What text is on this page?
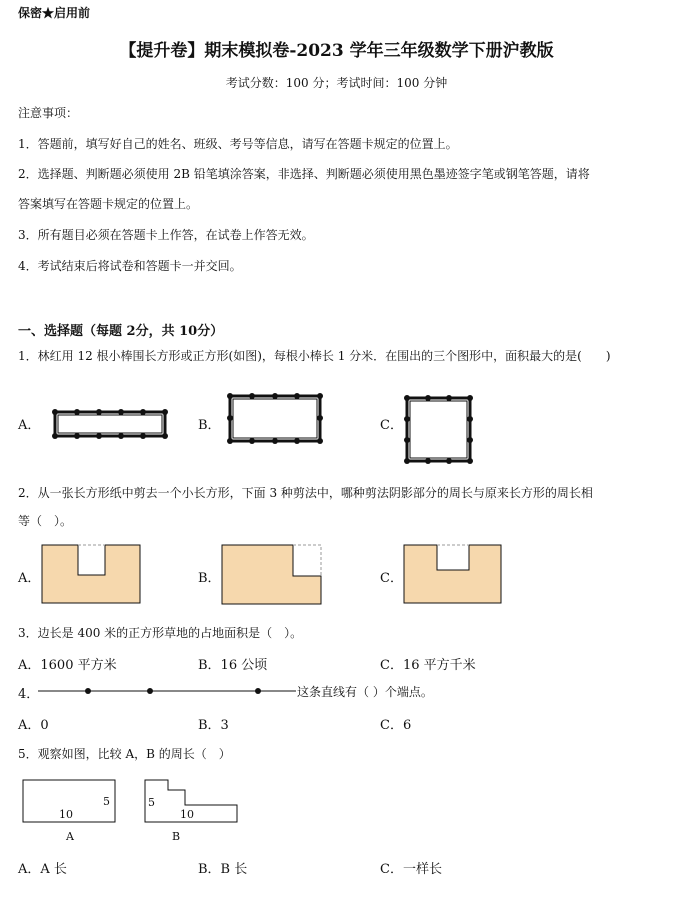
保密★启用前
【提升卷】期末模拟卷-2023 学年三年级数学下册沪教版
考试分数：100 分；考试时间：100 分钟
注意事项：
1．答题前，填写好自己的姓名、班级、考号等信息，请写在答题卡规定的位置上。
2．选择题、判断题必须使用 2B 铅笔填涂答案，非选择、判断题必须使用黑色墨迹签字笔或钢笔答题，请将
答案填写在答题卡规定的位置上。
3．所有题目必须在答题卡上作答，在试卷上作答无效。
4．考试结束后将试卷和答题卡一并交回。
一、选择题（每题 2分，共 10分）
1．林红用 12 根小棒围长方形或正方形(如图)，每根小棒长 1 分米．在围出的三个图形中，面积最大的是(　　)
A．	B．	C．
2．从一张长方形纸中剪去一个小长方形，下面 3 种剪法中，哪种剪法阴影部分的周长与原来长方形的周长相
等（　）。
A．	B．	C．
3．边长是 400 米的正方形草地的占地面积是（　）。
A．1600 平方米	B．16 公顷	C．16 平方千米
4．	这条直线有（ ）个端点。
A．0	B．3	C．6
5．观察如图，比较 A，B 的周长（　）
10
5
A
10
5
B
A．A 长	B．B 长	C．一样长
